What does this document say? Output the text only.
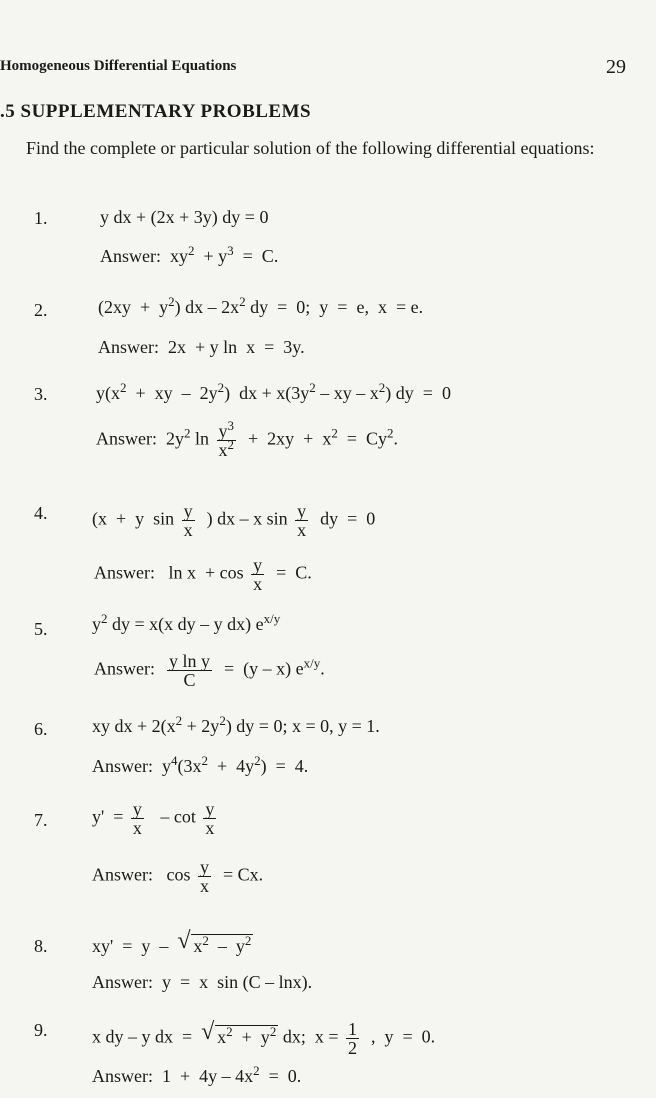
Homogeneous Differential Equations	29
.5 SUPPLEMENTARY PROBLEMS
Find the complete or particular solution of the following differential equations:
1.	y dx + (2x + 3y) dy = 0
Answer:  $xy^2 + y^3 = C$.
2.	$(2xy + y^2)$ dx – $2x^2$ dy  =  0;  y  =  e,  x  = e.
Answer:  2x  + y ln  x  =  3y.
3.	$y(x^2$  +  xy  –  $2y^2$)  dx + $x(3y^2$ – xy – $x^2$) dy  =  0
Answer:  $2y^2$ $\ln \frac{y^3}{x^2} + 2xy + x^2 = Cy^2$.
4. (x  +  y  $\sin \frac{y}{x}$ ) dx – x $\sin \frac{y}{x}$ dy  =  0
Answer:   $\ln x + \cos \frac{y}{x} = C$.
5. $y^2$ dy = x(x dy – y dx) $e^{x/y}$
Answer: $\frac{\text{y ln y}}{C} = (y - x)$ $e^{x/y}$.
6. xy dx + $2(x^2 + 2y^2)$ dy = 0; x = 0, y = 1.
Answer:  $y^4(3x^2 + 4y^2) = 4$.
7. $y' = \frac{y}{x} - \cot \frac{y}{x}$
Answer:   $\cos \frac{y}{x} = Cx$.
8. xy'  =  y  – √ $x^2 - y^2$
Answer:  y  =  x  sin (C – lnx).
9. x dy – y dx  = √ $x^2 + y^2$ dx;  $x = \frac{1}{2}$ ,  y  =  0.
Answer:  $1 + 4y - 4x^2 = 0$.
